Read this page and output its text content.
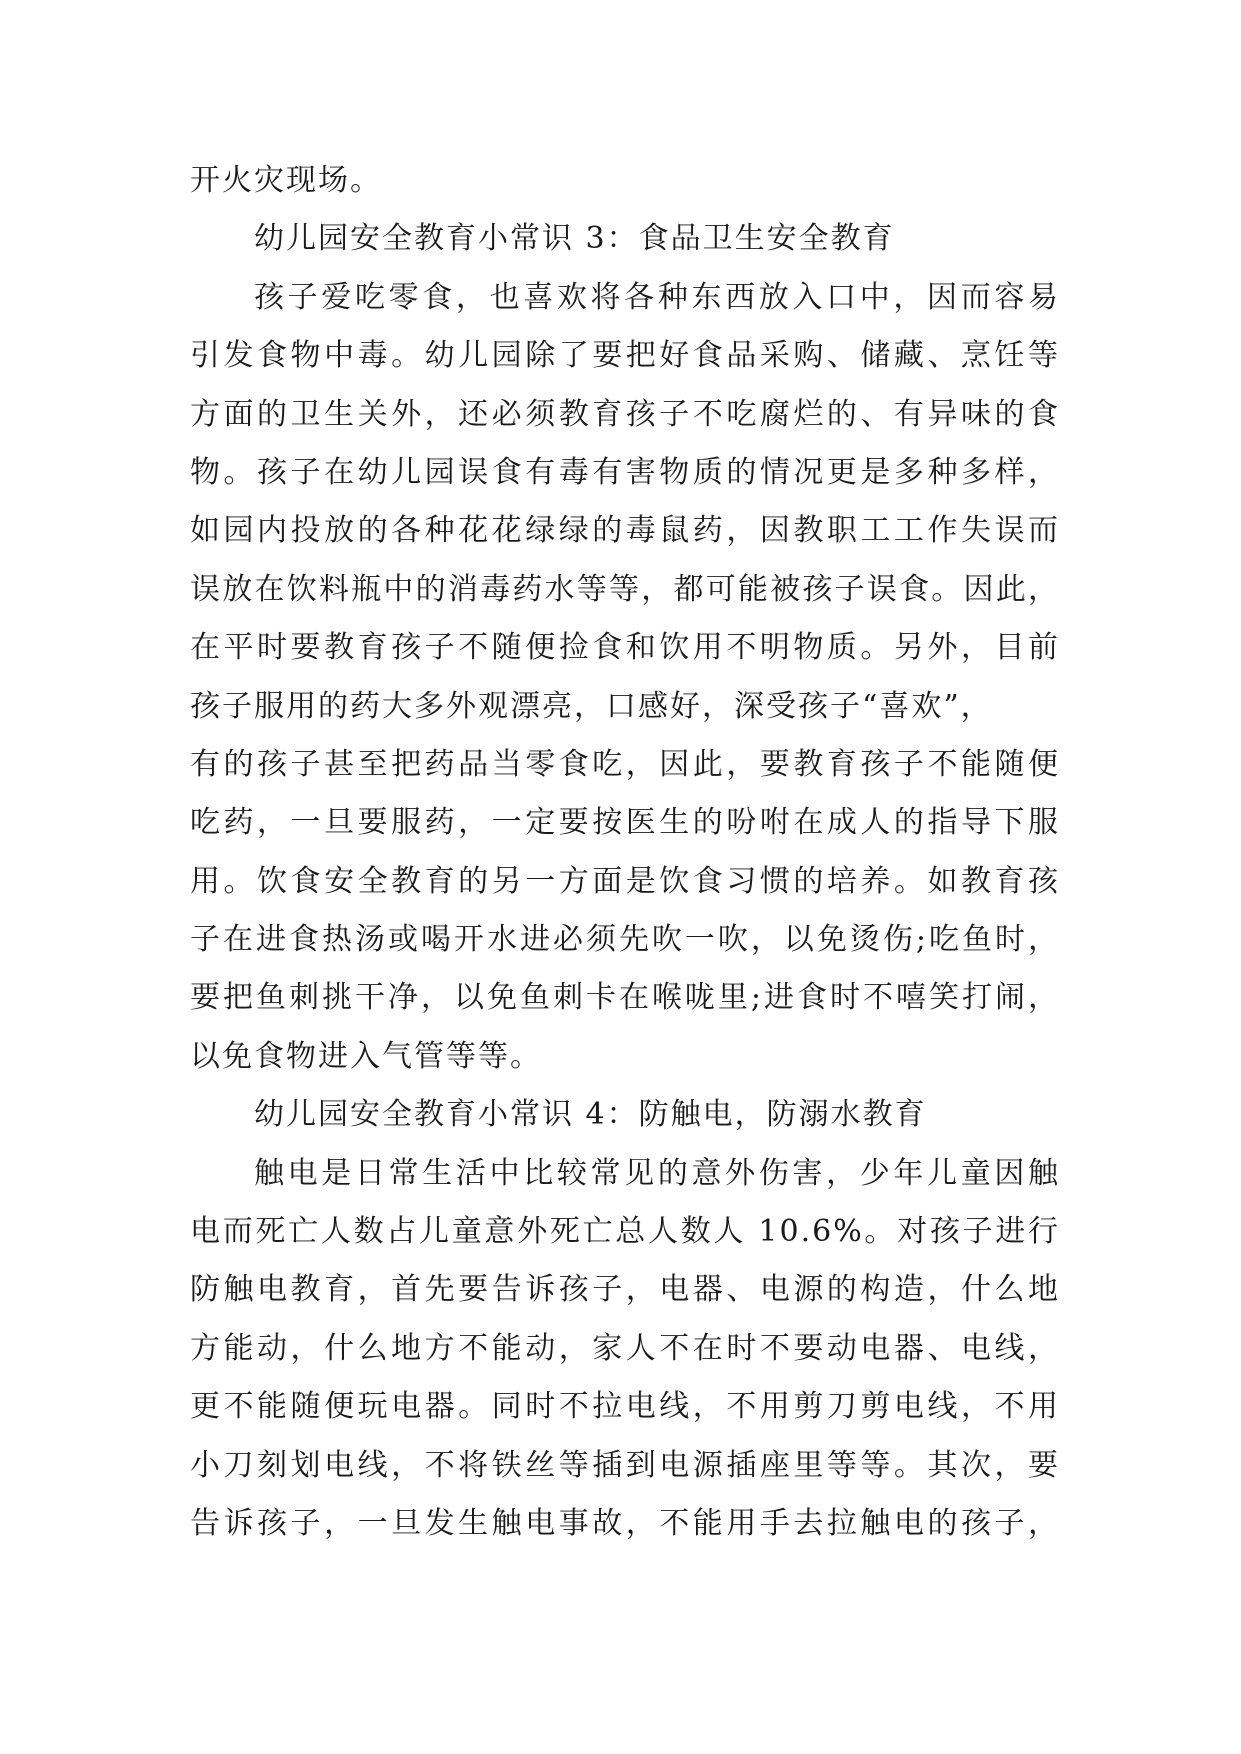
开火灾现场。
幼儿园安全教育小常识 3：食品卫生安全教育
孩子爱吃零食，也喜欢将各种东西放入口中，因而容易
引发食物中毒。幼儿园除了要把好食品采购、储藏、烹饪等
方面的卫生关外，还必须教育孩子不吃腐烂的、有异味的食
物。孩子在幼儿园误食有毒有害物质的情况更是多种多样，
如园内投放的各种花花绿绿的毒鼠药，因教职工工作失误而
误放在饮料瓶中的消毒药水等等，都可能被孩子误食。因此，
在平时要教育孩子不随便捡食和饮用不明物质。另外，目前
孩子服用的药大多外观漂亮，口感好，深受孩子“喜欢”，
有的孩子甚至把药品当零食吃，因此，要教育孩子不能随便
吃药，一旦要服药，一定要按医生的吩咐在成人的指导下服
用。饮食安全教育的另一方面是饮食习惯的培养。如教育孩
子在进食热汤或喝开水进必须先吹一吹，以免烫伤;吃鱼时，
要把鱼刺挑干净，以免鱼刺卡在喉咙里;进食时不嘻笑打闹，
以免食物进入气管等等。
幼儿园安全教育小常识 4：防触电，防溺水教育
触电是日常生活中比较常见的意外伤害，少年儿童因触
电而死亡人数占儿童意外死亡总人数人 10.6%。对孩子进行
防触电教育，首先要告诉孩子，电器、电源的构造，什么地
方能动，什么地方不能动，家人不在时不要动电器、电线，
更不能随便玩电器。同时不拉电线，不用剪刀剪电线，不用
小刀刻划电线，不将铁丝等插到电源插座里等等。其次，要
告诉孩子，一旦发生触电事故，不能用手去拉触电的孩子，
